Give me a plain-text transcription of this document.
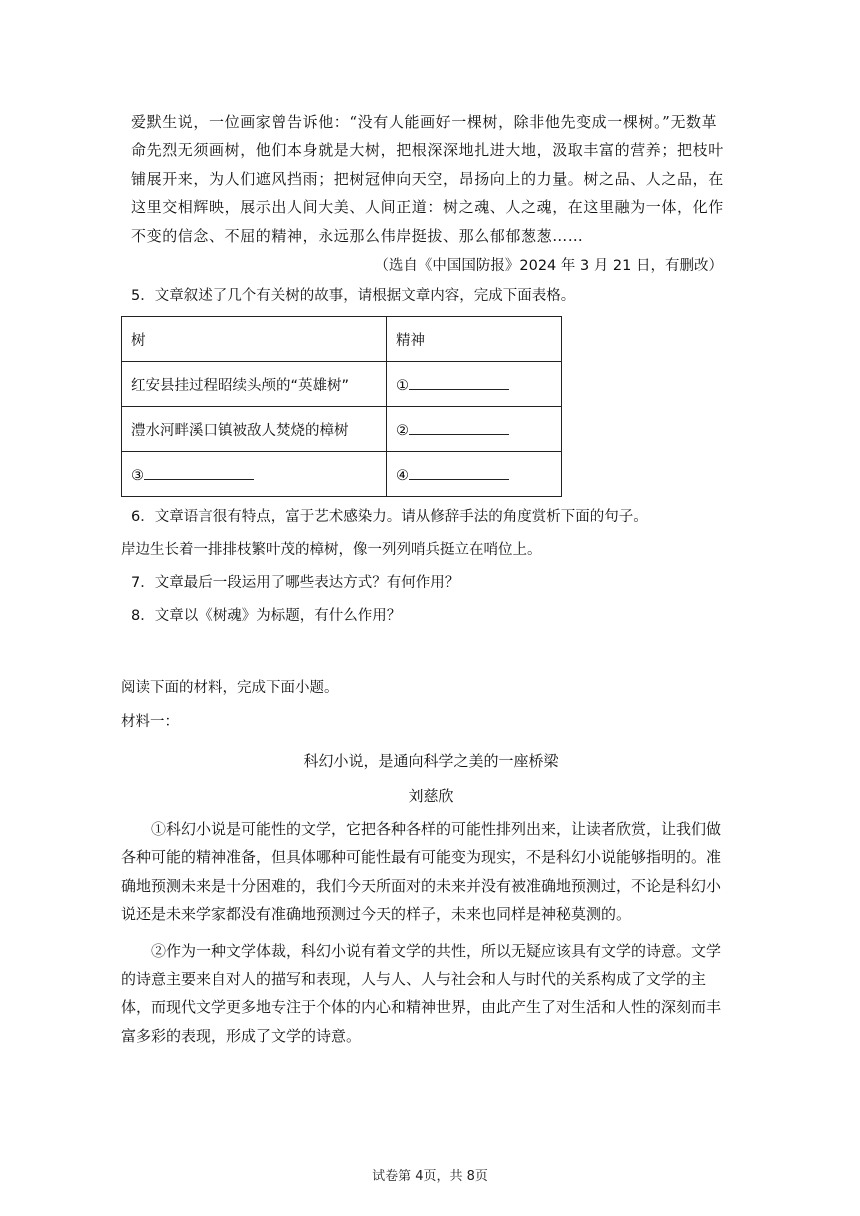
爱默生说，一位画家曾告诉他：“没有人能画好一棵树，除非他先变成一棵树。”无数革命先烈无须画树，他们本身就是大树，把根深深地扎进大地，汲取丰富的营养；把枝叶铺展开来，为人们遮风挡雨；把树冠伸向天空，昂扬向上的力量。树之品、人之品，在这里交相辉映，展示出人间大美、人间正道：树之魂、人之魂，在这里融为一体，化作不变的信念、不屈的精神，永远那么伟岸挺拔、那么郁郁葱葱……

（选自《中国国防报》2024 年 3 月 21 日，有删改）

5．文章叙述了几个有关树的故事，请根据文章内容，完成下面表格。

树	精神
红安县挂过程昭续头颅的“英雄树”	①
澧水河畔溪口镇被敌人焚烧的樟树	②
③	④

6．文章语言很有特点，富于艺术感染力。请从修辞手法的角度赏析下面的句子。

岸边生长着一排排枝繁叶茂的樟树，像一列列哨兵挺立在哨位上。

7．文章最后一段运用了哪些表达方式？有何作用？

8．文章以《树魂》为标题，有什么作用？

阅读下面的材料，完成下面小题。

材料一：

科幻小说，是通向科学之美的一座桥梁

刘慈欣

①科幻小说是可能性的文学，它把各种各样的可能性排列出来，让读者欣赏，让我们做各种可能的精神准备，但具体哪种可能性最有可能变为现实，不是科幻小说能够指明的。准确地预测未来是十分困难的，我们今天所面对的未来并没有被准确地预测过，不论是科幻小说还是未来学家都没有准确地预测过今天的样子，未来也同样是神秘莫测的。

②作为一种文学体裁，科幻小说有着文学的共性，所以无疑应该具有文学的诗意。文学的诗意主要来自对人的描写和表现，人与人、人与社会和人与时代的关系构成了文学的主体，而现代文学更多地专注于个体的内心和精神世界，由此产生了对生活和人性的深刻而丰富多彩的表现，形成了文学的诗意。

试卷第 4页，共 8页
